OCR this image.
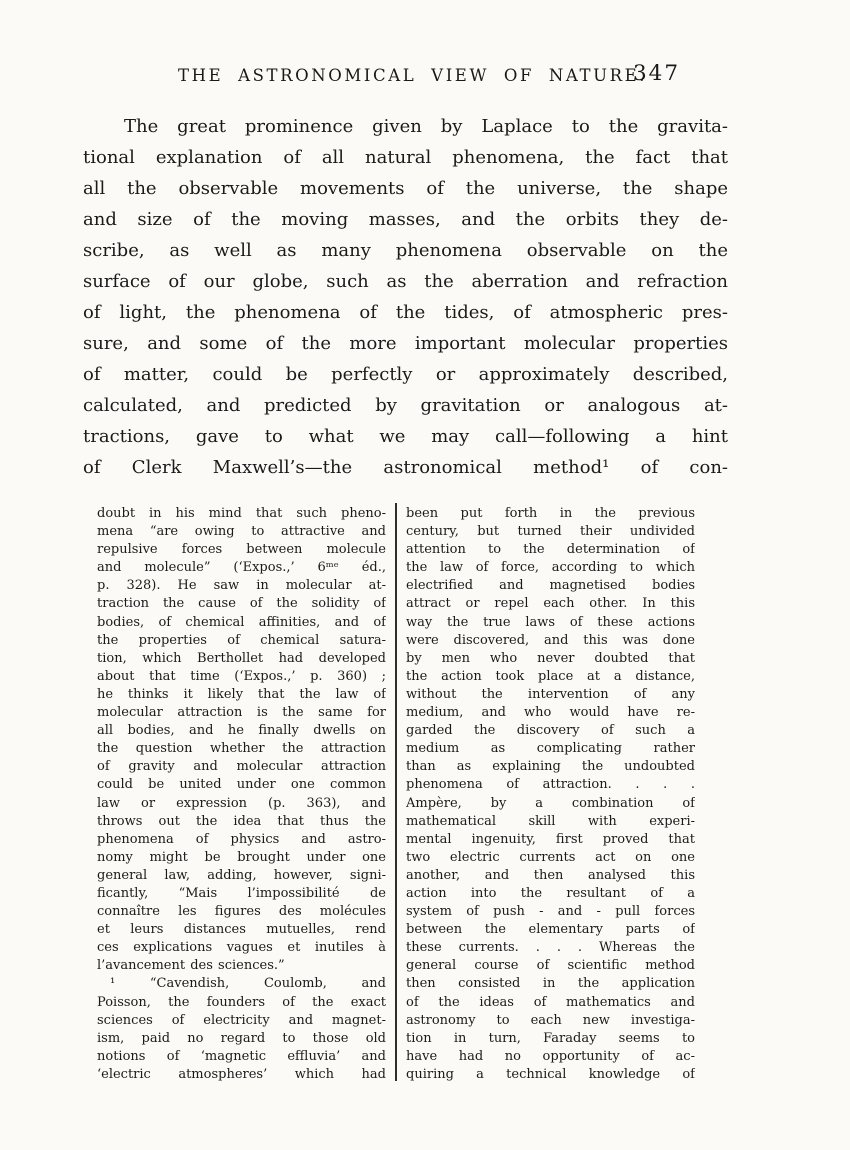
THE ASTRONOMICAL VIEW OF NATURE.
347
The great prominence given by Laplace to the gravita-
tional explanation of all natural phenomena, the fact that
all the observable movements of the universe, the shape
and size of the moving masses, and the orbits they de-
scribe, as well as many phenomena observable on the
surface of our globe, such as the aberration and refraction
of light, the phenomena of the tides, of atmospheric pres-
sure, and some of the more important molecular properties
of matter, could be perfectly or approximately described,
calculated, and predicted by gravitation or analogous at-
tractions, gave to what we may call—following a hint
of Clerk Maxwell’s—the astronomical method¹ of con-
doubt in his mind that such pheno-
mena “are owing to attractive and
repulsive forces between molecule
and molecule” (‘Expos.,’ 6ᵐᵉ éd.,
p. 328). He saw in molecular at-
traction the cause of the solidity of
bodies, of chemical affinities, and of
the properties of chemical satura-
tion, which Berthollet had developed
about that time (‘Expos.,’ p. 360) ;
he thinks it likely that the law of
molecular attraction is the same for
all bodies, and he finally dwells on
the question whether the attraction
of gravity and molecular attraction
could be united under one common
law or expression (p. 363), and
throws out the idea that thus the
phenomena of physics and astro-
nomy might be brought under one
general law, adding, however, signi-
ficantly, “Mais l’impossibilité de
connaître les figures des molécules
et leurs distances mutuelles, rend
ces explications vagues et inutiles à
l’avancement des sciences.”
¹ “Cavendish, Coulomb, and
Poisson, the founders of the exact
sciences of electricity and magnet-
ism, paid no regard to those old
notions of ‘magnetic effluvia’ and
‘electric atmospheres’ which had
been put forth in the previous
century, but turned their undivided
attention to the determination of
the law of force, according to which
electrified and magnetised bodies
attract or repel each other. In this
way the true laws of these actions
were discovered, and this was done
by men who never doubted that
the action took place at a distance,
without the intervention of any
medium, and who would have re-
garded the discovery of such a
medium as complicating rather
than as explaining the undoubted
phenomena of attraction. . . .
Ampère, by a combination of
mathematical skill with experi-
mental ingenuity, first proved that
two electric currents act on one
another, and then analysed this
action into the resultant of a
system of push - and - pull forces
between the elementary parts of
these currents. . . . Whereas the
general course of scientific method
then consisted in the application
of the ideas of mathematics and
astronomy to each new investiga-
tion in turn, Faraday seems to
have had no opportunity of ac-
quiring a technical knowledge of
